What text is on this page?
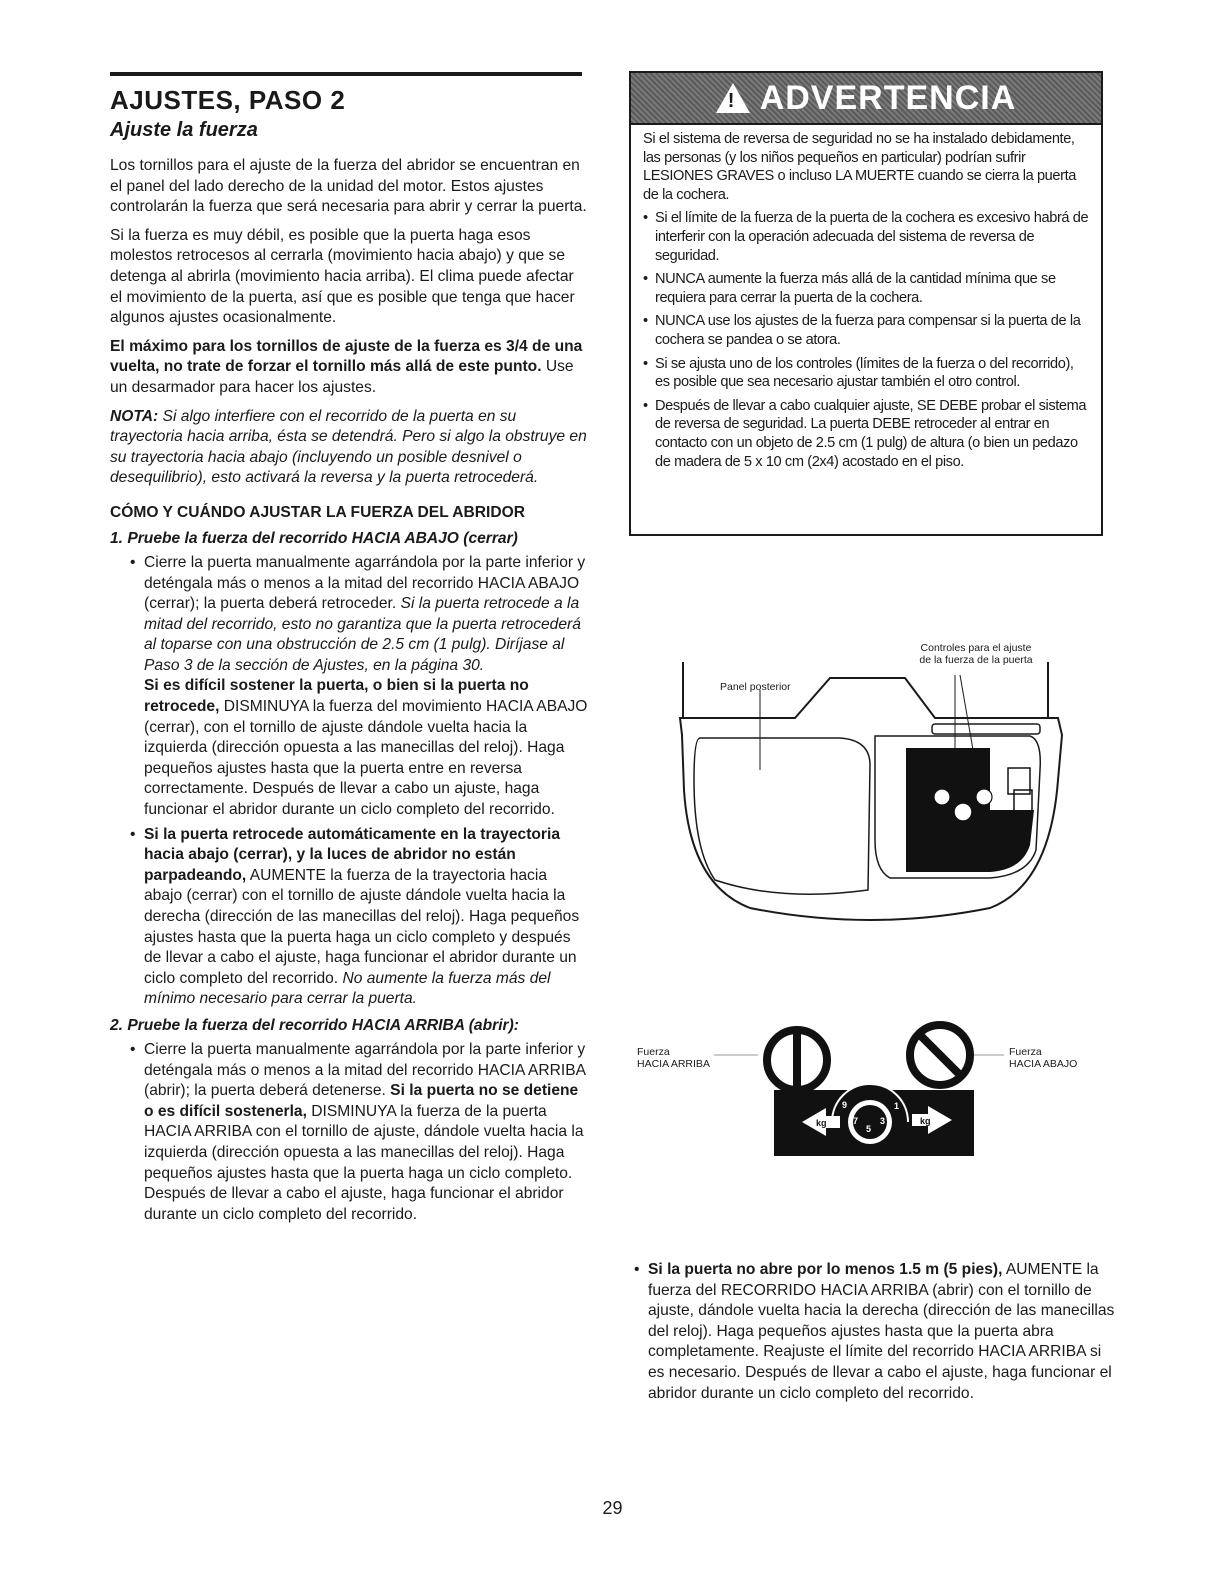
AJUSTES, PASO 2
Ajuste la fuerza

Los tornillos para el ajuste de la fuerza del abridor se encuentran en el panel del lado derecho de la unidad del motor. Estos ajustes controlarán la fuerza que será necesaria para abrir y cerrar la puerta.

Si la fuerza es muy débil, es posible que la puerta haga esos molestos retrocesos al cerrarla (movimiento hacia abajo) y que se detenga al abrirla (movimiento hacia arriba). El clima puede afectar el movimiento de la puerta, así que es posible que tenga que hacer algunos ajustes ocasionalmente.

El máximo para los tornillos de ajuste de la fuerza es 3/4 de una vuelta, no trate de forzar el tornillo más allá de este punto. Use un desarmador para hacer los ajustes.

NOTA: Si algo interfiere con el recorrido de la puerta en su trayectoria hacia arriba, ésta se detendrá. Pero si algo la obstruye en su trayectoria hacia abajo (incluyendo un posible desnivel o desequilibrio), esto activará la reversa y la puerta retrocederá.

CÓMO Y CUÁNDO AJUSTAR LA FUERZA DEL ABRIDOR
1. Pruebe la fuerza del recorrido HACIA ABAJO (cerrar)
• Cierre la puerta manualmente agarrándola por la parte inferior y deténgala más o menos a la mitad del recorrido HACIA ABAJO (cerrar); la puerta deberá retroceder. Si la puerta retrocede a la mitad del recorrido, esto no garantiza que la puerta retrocederá al toparse con una obstrucción de 2.5 cm (1 pulg). Diríjase al Paso 3 de la sección de Ajustes, en la página 30.
Si es difícil sostener la puerta, o bien si la puerta no retrocede, DISMINUYA la fuerza del movimiento HACIA ABAJO (cerrar), con el tornillo de ajuste dándole vuelta hacia la izquierda (dirección opuesta a las manecillas del reloj). Haga pequeños ajustes hasta que la puerta entre en reversa correctamente. Después de llevar a cabo un ajuste, haga funcionar el abridor durante un ciclo completo del recorrido.
• Si la puerta retrocede automáticamente en la trayectoria hacia abajo (cerrar), y la luces de abridor no están parpadeando, AUMENTE la fuerza de la trayectoria hacia abajo (cerrar) con el tornillo de ajuste dándole vuelta hacia la derecha (dirección de las manecillas del reloj). Haga pequeños ajustes hasta que la puerta haga un ciclo completo y después de llevar a cabo el ajuste, haga funcionar el abridor durante un ciclo completo del recorrido. No aumente la fuerza más del mínimo necesario para cerrar la puerta.
2. Pruebe la fuerza del recorrido HACIA ARRIBA (abrir):
• Cierre la puerta manualmente agarrándola por la parte inferior y deténgala más o menos a la mitad del recorrido HACIA ARRIBA (abrir); la puerta deberá detenerse. Si la puerta no se detiene o es difícil sostenerla, DISMINUYA la fuerza de la puerta HACIA ARRIBA con el tornillo de ajuste, dándole vuelta hacia la izquierda (dirección opuesta a las manecillas del reloj). Haga pequeños ajustes hasta que la puerta haga un ciclo completo. Después de llevar a cabo el ajuste, haga funcionar el abridor durante un ciclo completo del recorrido.
! ADVERTENCIA
Si el sistema de reversa de seguridad no se ha instalado debidamente, las personas (y los niños pequeños en particular) podrían sufrir LESIONES GRAVES o incluso LA MUERTE cuando se cierra la puerta de la cochera.
• Si el límite de la fuerza de la puerta de la cochera es excesivo habrá de interferir con la operación adecuada del sistema de reversa de seguridad.
• NUNCA aumente la fuerza más allá de la cantidad mínima que se requiera para cerrar la puerta de la cochera.
• NUNCA use los ajustes de la fuerza para compensar si la puerta de la cochera se pandea o se atora.
• Si se ajusta uno de los controles (límites de la fuerza o del recorrido), es posible que sea necesario ajustar también el otro control.
• Después de llevar a cabo cualquier ajuste, SE DEBE probar el sistema de reversa de seguridad. La puerta DEBE retroceder al entrar en contacto con un objeto de 2.5 cm (1 pulg) de altura (o bien un pedazo de madera de 5 x 10 cm (2x4) acostado en el piso.
Controles para el ajuste
de la fuerza de la puerta
Panel posterior
Fuerza
HACIA ARRIBA
Fuerza
HACIA ABAJO
9
7
5
3
1
kg	kg
• Si la puerta no abre por lo menos 1.5 m (5 pies), AUMENTE la fuerza del RECORRIDO HACIA ARRIBA (abrir) con el tornillo de ajuste, dándole vuelta hacia la derecha (dirección de las manecillas del reloj). Haga pequeños ajustes hasta que la puerta abra completamente. Reajuste el límite del recorrido HACIA ARRIBA si es necesario. Después de llevar a cabo el ajuste, haga funcionar el abridor durante un ciclo completo del recorrido.
29
